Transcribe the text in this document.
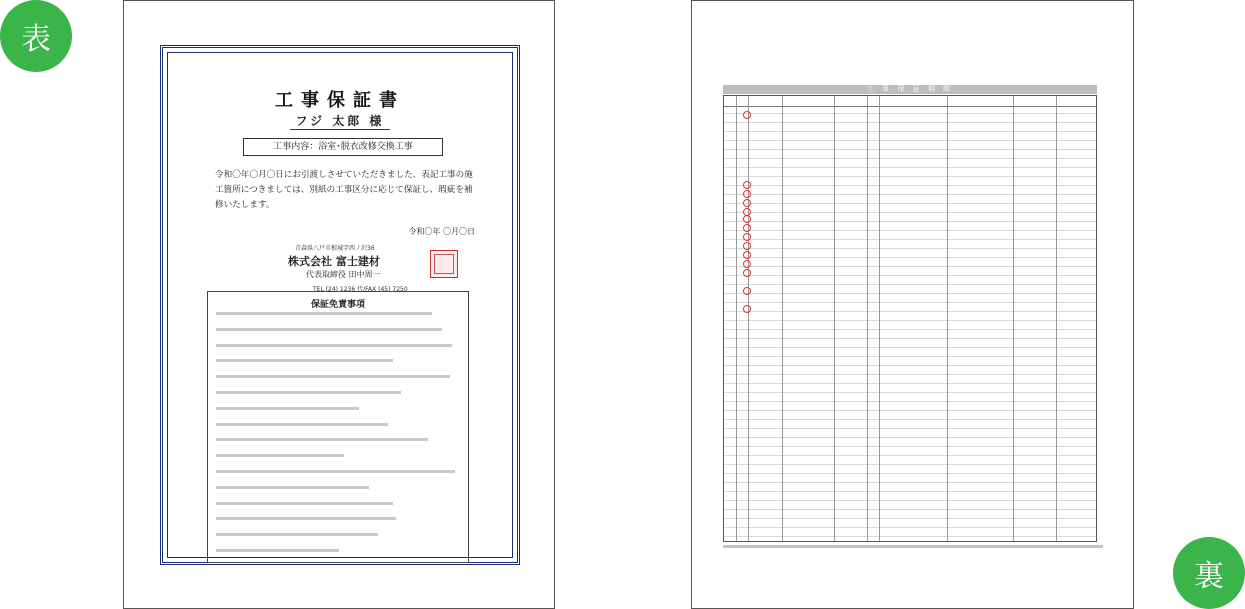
表
工事保証書
フジ 太郎 様
工事内容：浴室･脱衣改修交換工事
令和〇年〇月〇日にお引渡しさせていただきました、表記工事の施工箇所につきましては、別紙の工事区分に応じて保証し、瑕疵を補修いたします。
令和〇年 〇月〇日
青森県八戸市根城字西ノ沢36
株式会社 富士建材
代表取締役 田中周一
TEL (24) 1236 代/FAX (45) 7250
保証免責事項
工 事 保 証 期 間
裏
